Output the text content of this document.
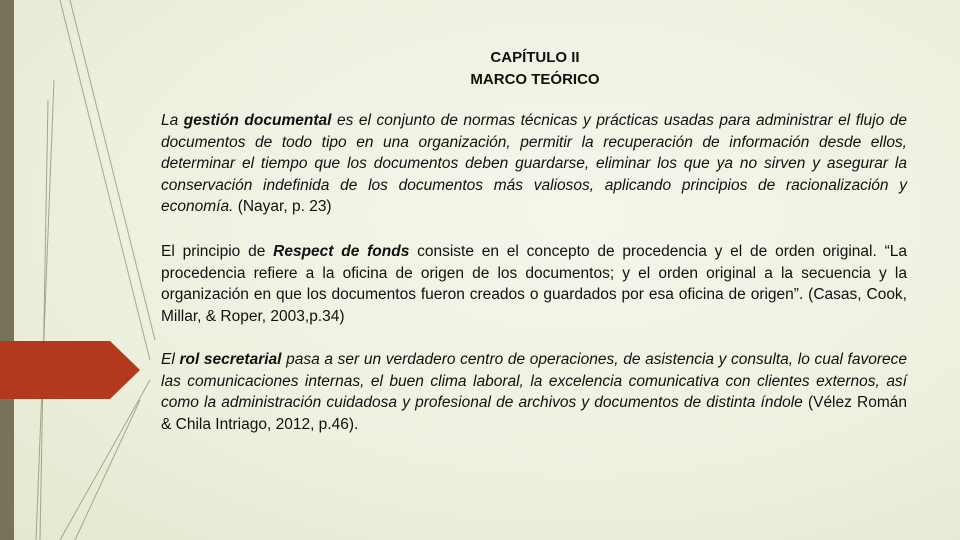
CAPÍTULO II
MARCO TEÓRICO

La gestión documental es el conjunto de normas técnicas y prácticas usadas para administrar el flujo de documentos de todo tipo en una organización, permitir la recuperación de información desde ellos, determinar el tiempo que los documentos deben guardarse, eliminar los que ya no sirven y asegurar la conservación indefinida de los documentos más valiosos, aplicando principios de racionalización y economía. (Nayar, p. 23)

El principio de Respect de fonds consiste en el concepto de procedencia y el de orden original. “La procedencia refiere a la oficina de origen de los documentos; y el orden original a la secuencia y la organización en que los documentos fueron creados o guardados por esa oficina de origen”. (Casas, Cook, Millar, & Roper, 2003,p.34)

El rol secretarial pasa a ser un verdadero centro de operaciones, de asistencia y consulta, lo cual favorece las comunicaciones internas, el buen clima laboral, la excelencia comunicativa con clientes externos, así como la administración cuidadosa y profesional de archivos y documentos de distinta índole (Vélez Román & Chila Intriago, 2012, p.46).
